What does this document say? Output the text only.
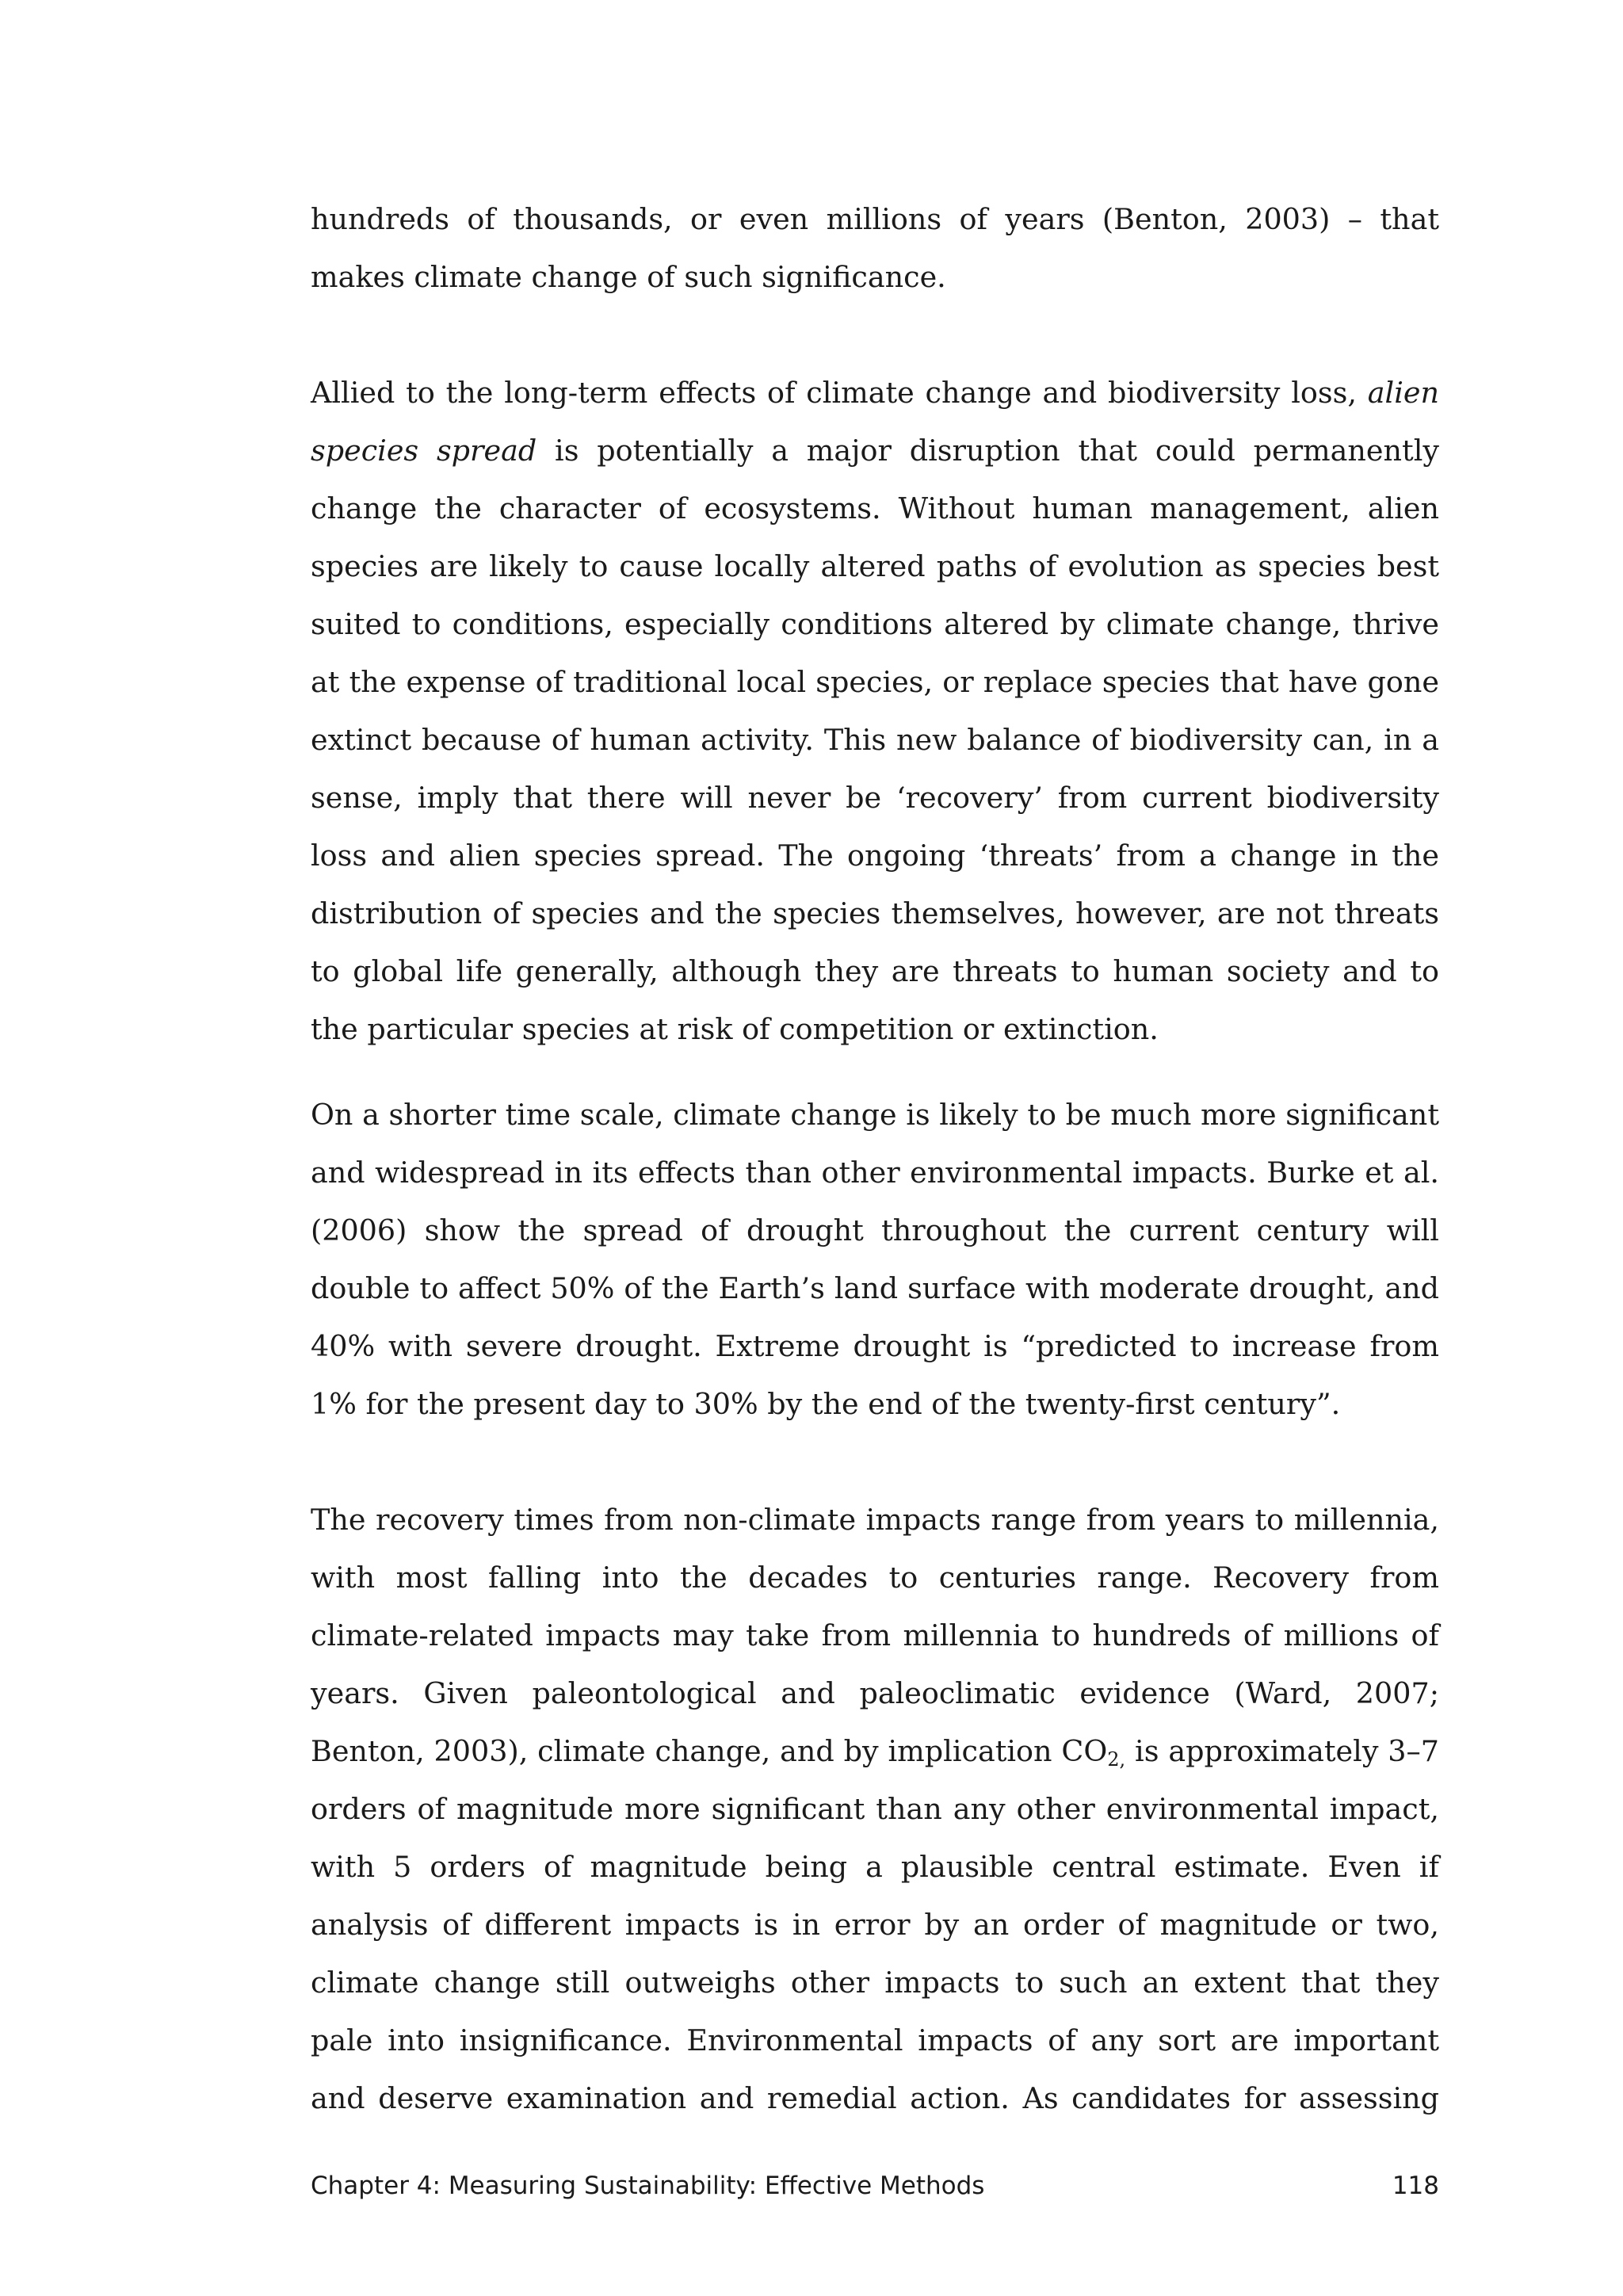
hundreds of thousands, or even millions of years (Benton, 2003) – that makes climate change of such significance.

Allied to the long-term effects of climate change and biodiversity loss, alien species spread is potentially a major disruption that could permanently change the character of ecosystems. Without human management, alien species are likely to cause locally altered paths of evolution as species best suited to conditions, especially conditions altered by climate change, thrive at the expense of traditional local species, or replace species that have gone extinct because of human activity. This new balance of biodiversity can, in a sense, imply that there will never be ‘recovery’ from current biodiversity loss and alien species spread. The ongoing ‘threats’ from a change in the distribution of species and the species themselves, however, are not threats to global life generally, although they are threats to human society and to the particular species at risk of competition or extinction.

On a shorter time scale, climate change is likely to be much more significant and widespread in its effects than other environmental impacts. Burke et al. (2006) show the spread of drought throughout the current century will double to affect 50% of the Earth’s land surface with moderate drought, and 40% with severe drought. Extreme drought is “predicted to increase from 1% for the present day to 30% by the end of the twenty-first century”.

The recovery times from non-climate impacts range from years to millennia, with most falling into the decades to centuries range. Recovery from climate-related impacts may take from millennia to hundreds of millions of years. Given paleontological and paleoclimatic evidence (Ward, 2007; Benton, 2003), climate change, and by implication $CO_{2,}$ is approximately 3–7 orders of magnitude more significant than any other environmental impact, with 5 orders of magnitude being a plausible central estimate. Even if analysis of different impacts is in error by an order of magnitude or two, climate change still outweighs other impacts to such an extent that they pale into insignificance. Environmental impacts of any sort are important and deserve examination and remedial action. As candidates for assessing

Chapter 4: Measuring Sustainability: Effective Methods	118
